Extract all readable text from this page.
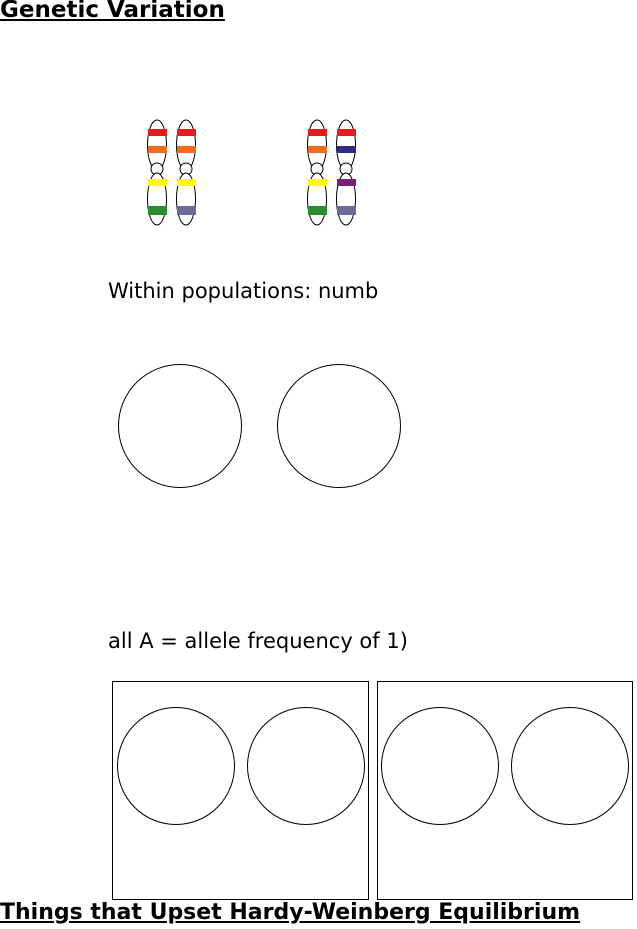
Genetic Variation
Within populations: numb
all A = allele frequency of 1)
Things that Upset Hardy-Weinberg Equilibrium
